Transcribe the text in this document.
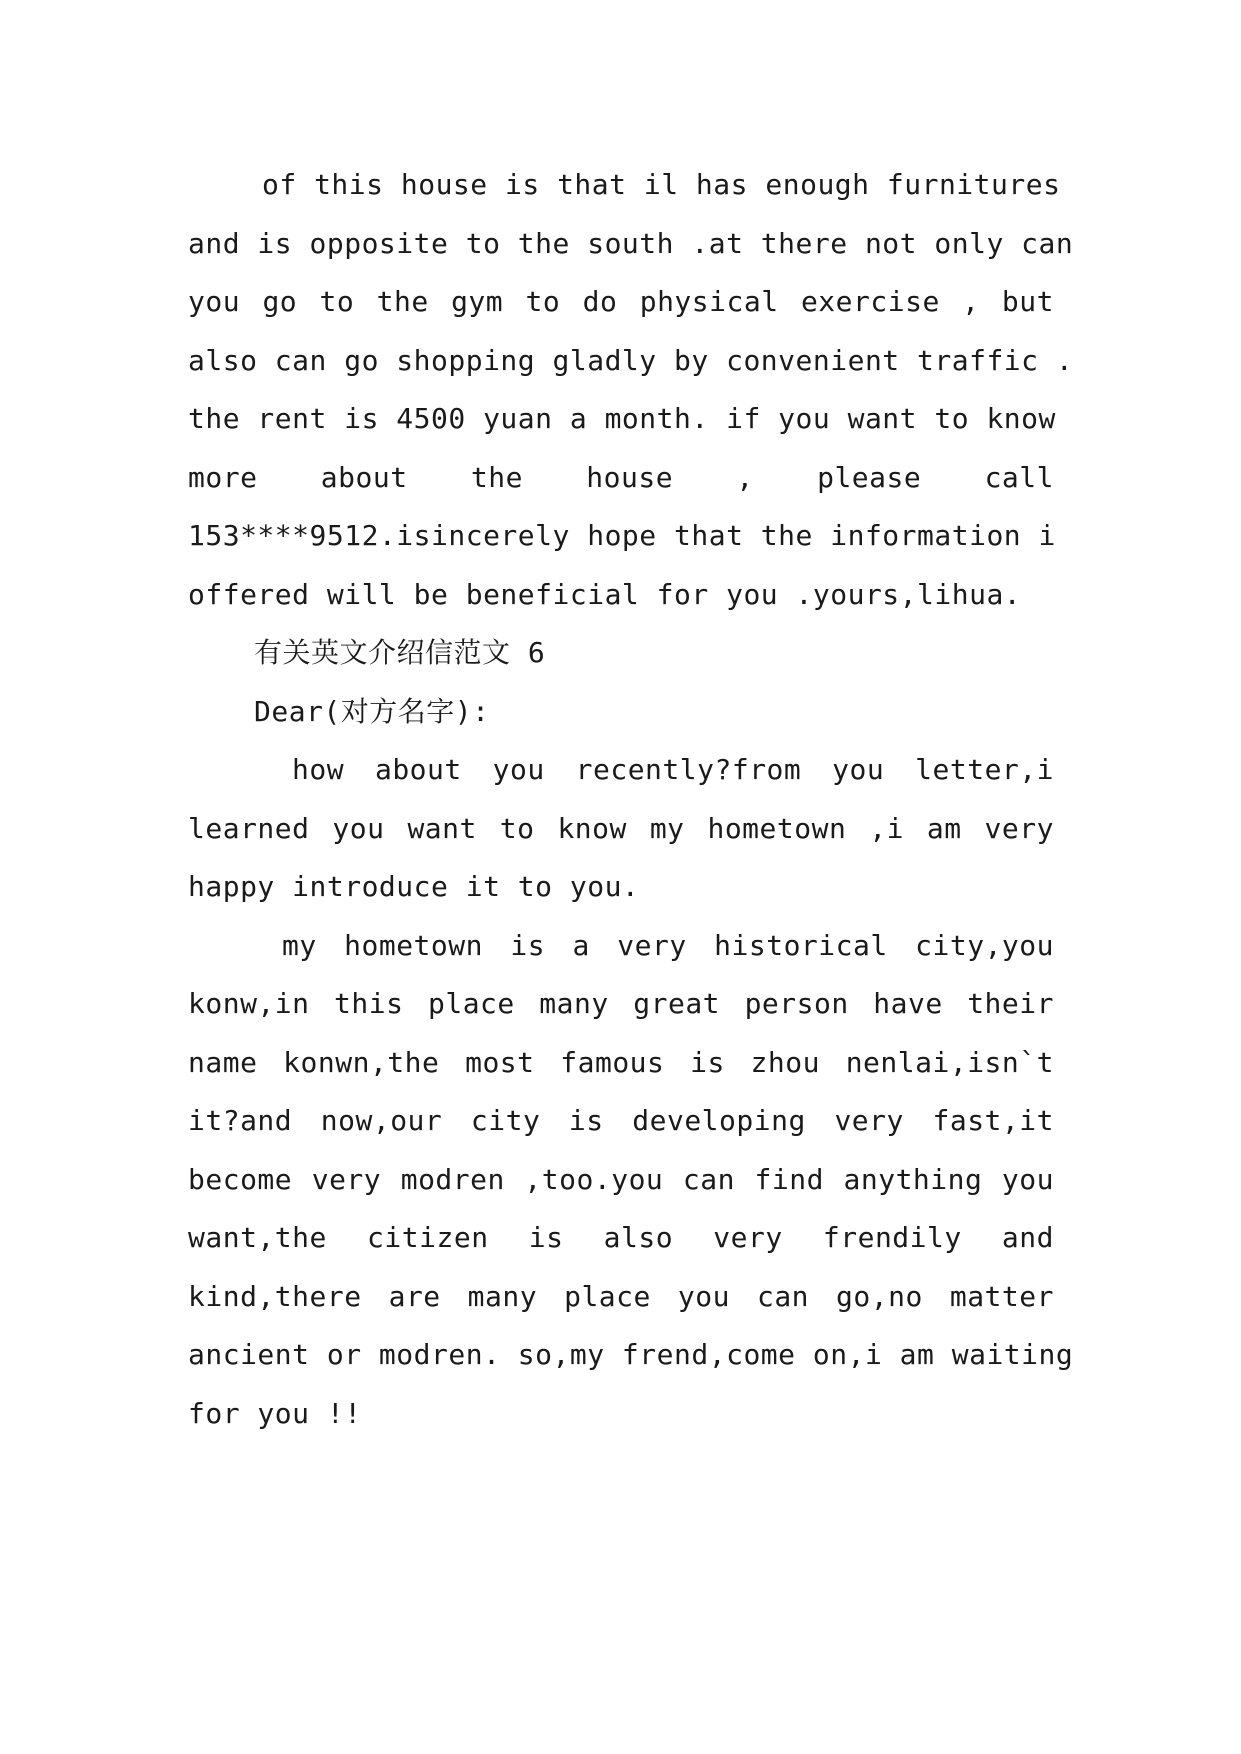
of this house is that il has enough furnitures
and is opposite to the south .at there not only can
you go to the gym to do physical exercise , but
also can go shopping gladly by convenient traffic .
the rent is 4500 yuan a month. if you want to know
more about the house , please call
153****9512.isincerely hope that the information i
offered will be beneficial for you .yours,lihua.
有关英文介绍信范文 6
Dear(对方名字):
how about you recently?from you letter,i
learned you want to know my hometown ,i am very
happy introduce it to you.
my hometown is a very historical city,you
konw,in this place many great person have their
name konwn,the most famous is zhou nenlai,isn`t
it?and now,our city is developing very fast,it
become very modren ,too.you can find anything you
want,the citizen is also very frendily and
kind,there are many place you can go,no matter
ancient or modren. so,my frend,come on,i am waiting
for you !!
